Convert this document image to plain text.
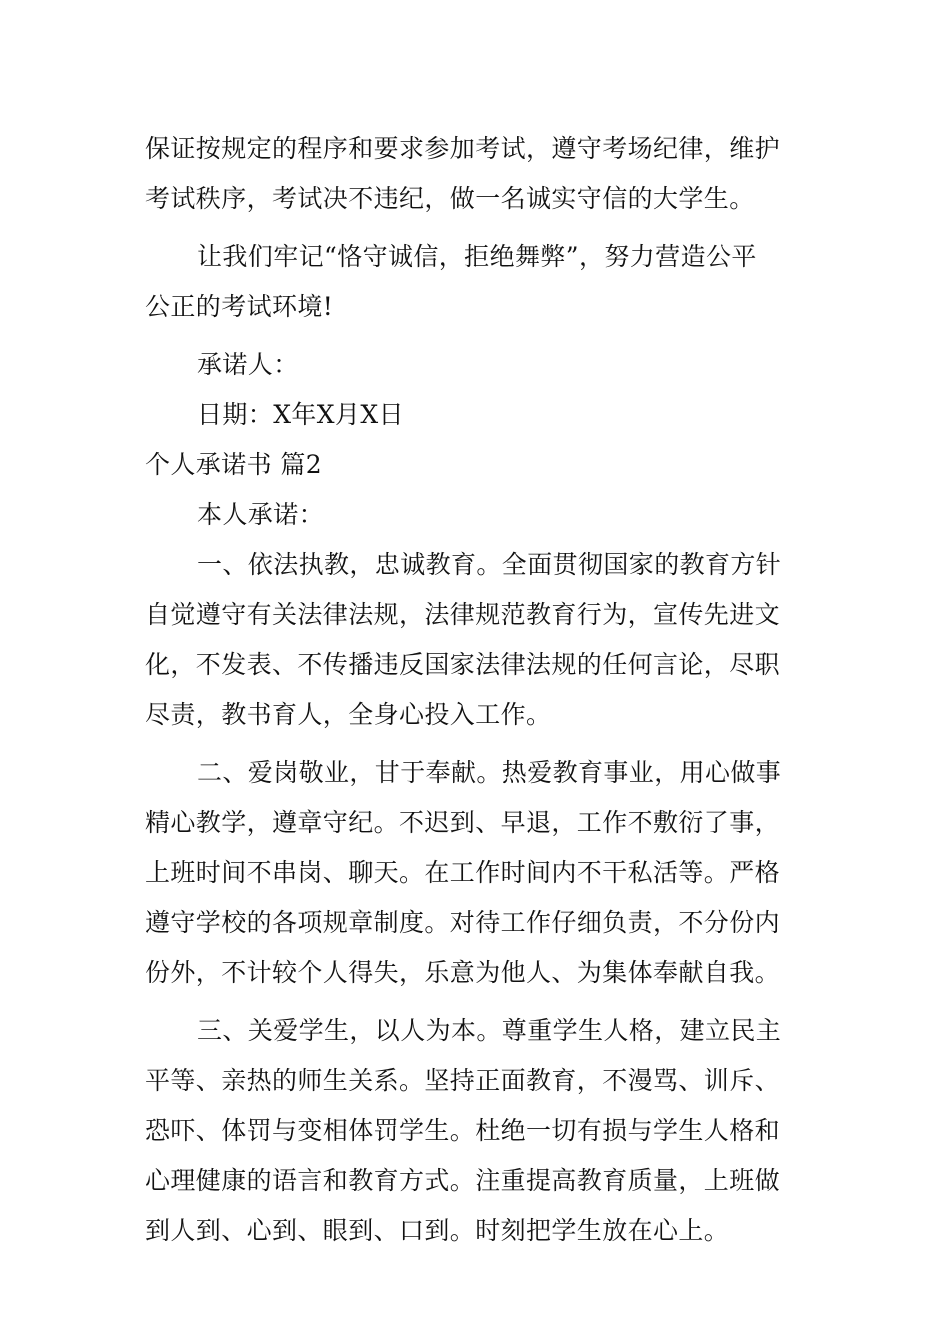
保证按规定的程序和要求参加考试，遵守考场纪律，维护
考试秩序，考试决不违纪，做一名诚实守信的大学生。
让我们牢记“恪守诚信，拒绝舞弊”，努力营造公平
公正的考试环境!
承诺人：
日期：X年X月X日
个人承诺书 篇2
本人承诺：
一、依法执教，忠诚教育。全面贯彻国家的教育方针
自觉遵守有关法律法规，法律规范教育行为，宣传先进文
化，不发表、不传播违反国家法律法规的任何言论，尽职
尽责，教书育人，全身心投入工作。
二、爱岗敬业，甘于奉献。热爱教育事业，用心做事
精心教学，遵章守纪。不迟到、早退，工作不敷衍了事，
上班时间不串岗、聊天。在工作时间内不干私活等。严格
遵守学校的各项规章制度。对待工作仔细负责，不分份内
份外，不计较个人得失，乐意为他人、为集体奉献自我。
三、关爱学生，以人为本。尊重学生人格，建立民主
平等、亲热的师生关系。坚持正面教育，不漫骂、训斥、
恐吓、体罚与变相体罚学生。杜绝一切有损与学生人格和
心理健康的语言和教育方式。注重提高教育质量，上班做
到人到、心到、眼到、口到。时刻把学生放在心上。
